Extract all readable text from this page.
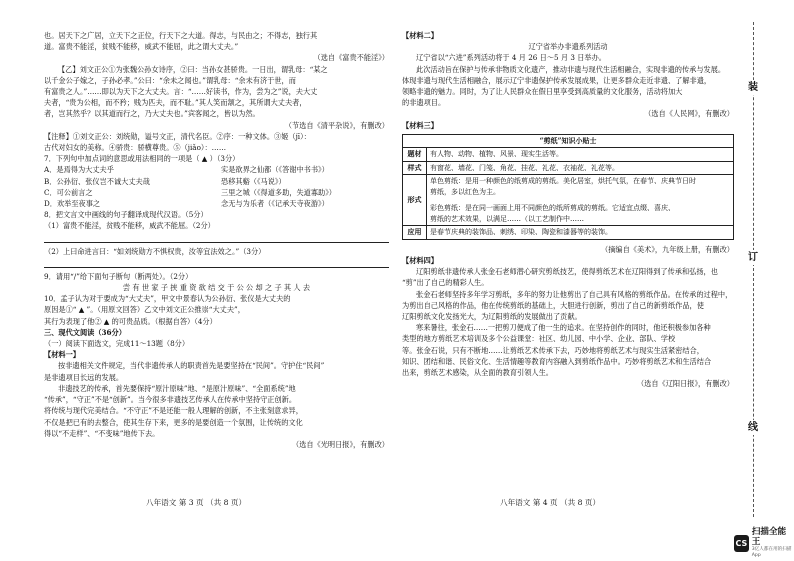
也。居天下之广居，立天下之正位，行天下之大道。得志，与民由之；不得志，独行其
道。富贵不能淫，贫贱不能移，威武不能屈，此之谓大丈夫。”
（选自《富贵不能淫》）
【乙】刘文正公①为张魏公孙女诗序，②曰：当孙女甚骄贵。一日出，谓乳母：“某之
以千金公子嫁之，子孙必孝。”公曰：“余未之闻也。”谓乳母：“余未有济于世，而
有富贵之人。”……即以为天下之大丈夫。言：“……好读书，作为，尝为之”说，夫大丈
夫者，“贵为公相，而不矜；贱为匹夫，而不耻。”其人笑而颔之，其所谓大丈夫者，
者，岂其然乎？以其道而行之，乃大丈夫也。”宾客闻之，皆以为然。
（节选自《清平杂说》，有删改）
【注释】①刘文正公：刘统勋，谥号文正，清代名臣。②序：一种文体。③姬（jī）：
古代对妇女的美称。④骄贵：骄横尊贵。⑤（jiǎo）：……
7．下列句中加点词的意思或用法相同的一项是（ ▲ ）（3分）
A．是焉得为大丈夫乎	实是欲界之仙都（《答谢中书书》）
B．公孙衍、张仪岂不诚大丈夫哉	恐移其谿（《马说》）
C．可公前言之	三里之城（《得道多助，失道寡助》）
D．欢举至夜事之	念无与为乐者（《记承天寺夜游》）
8．把文言文中画线的句子翻译成现代汉语。（5分）
（1）富贵不能淫，贫贱不能移，威武不能屈。（2分）
（2）上曰命进言曰：“如刘统勋方不惧权贵，汝等宜法效之。”（3分）
9．请用“/”给下面句子断句（断两处）。（2分）
尝 有 世 家 子 挟 重 资 欲 结 交 于 公 公 却 之 子 其 人 去
10．孟子认为对于要成为“大丈夫”，甲文中景春认为公孙衍、张仪是大丈夫的
原因是①“ ▲ ”。（用原文回答）乙文中刘文正公推崇“大丈夫”，
其行为表现了他② ▲ 的可贵品质。（根据自答）（4分）
三、现代文阅读（36分）
（一）阅读下面选文，完成11～13题（8分）
【材料一】
按非遗相关文件规定，当代非遗传承人的职责首先是要坚持在“民间”。守护住“民间”
是非遗项目长远的发展。
非遗技艺的传承，首先要保持“原汁原味”地、“是原汁原味”、“全面系统”地
“传承”，“守正”不是“创新”。当今很多非遗技艺传承人在传承中坚持守正创新。
将传统与现代完美结合。“不守正”不是还能一般人理解的创新，不主张刻意求异，
不仅是把已有的去整合，使其生存下来，更多的是要创造一个氛围，让传统的文化
得以“不走样”、“不变味”地传下去。
（选自《光明日报》，有删改）
八年语文 第 3 页 （共 8 页）
【材料二】
辽宁省举办非遗系列活动
辽宁省以“六进”系列活动将于 4 月 26 日～5 月 3 日举办。
此次活动旨在保护与传承非物质文化遗产，推动非遗与现代生活相融合，实现非遗的传承与发展。
体现非遗与现代生活相融合，展示辽宁非遗保护传承发展成果，让更多群众走近非遗、了解非遗，
领略非遗的魅力。同时，为了让人民群众在假日里享受到高质量的文化服务，活动将加大
的非遗项目。
（选自《人民网》，有删改）
【材料三】
“剪纸”知识小贴士	
题材	有人物、动物、植物、风景、现实生活等。
样式	有窗花、墙花、门笺、角花、挂花、礼花、衣袖花、礼花等。
形式	单色剪纸：是用一种颜色的纸剪成的剪纸。美化居室，烘托气氛，在春节、庆典节日时
剪纸，多以红色为主。
彩色剪纸：是在同一画面上用不同颜色的纸所剪成的剪纸。它适宜点缀、喜庆、
剪纸的艺术效果，以满足……（以工艺制作中……

应用	是春节庆典的装饰品、刺绣、印染、陶瓷和漆器等的装饰。
（摘编自《美术》，九年级上册，有删改）
【材料四】
辽阳剪纸非遗传承人张金石老师潜心研究剪纸技艺，使得剪纸艺术在辽阳得到了传承和弘扬，也
“剪”出了自己的精彩人生。
张金石老师坚持多年学习剪纸，多年的努力让他剪出了自己具有风格的剪纸作品。在传承的过程中，
为剪出自己风格的作品，他在传统剪纸的基础上，大胆进行创新，剪出了自己的新剪纸作品，使
辽阳剪纸文化发扬光大，为辽阳剪纸的发展做出了贡献。
寒来暑往，张金石……一把剪刀便成了他一生的追求。在坚持创作的同时，他还积极参加各种
类型的地方剪纸艺术培训及多个公益课堂：社区、幼儿园、中小学、企业、部队、学校
等。张金石说，只有不断地……让剪纸艺术传承下去，巧妙地将剪纸艺术与现实生活紧密结合，
知识、团结和谐、民俗文化、生活情趣等教育内容融入到剪纸作品中。巧妙将剪纸艺术和生活结合
出来，剪纸艺术感染，从全面的教育引领人生。
（选自《辽阳日报》，有删改）
八年语文 第 4 页 （共 8 页）
装
订
线
CS
扫描全能王
3亿人都在用的扫描App
